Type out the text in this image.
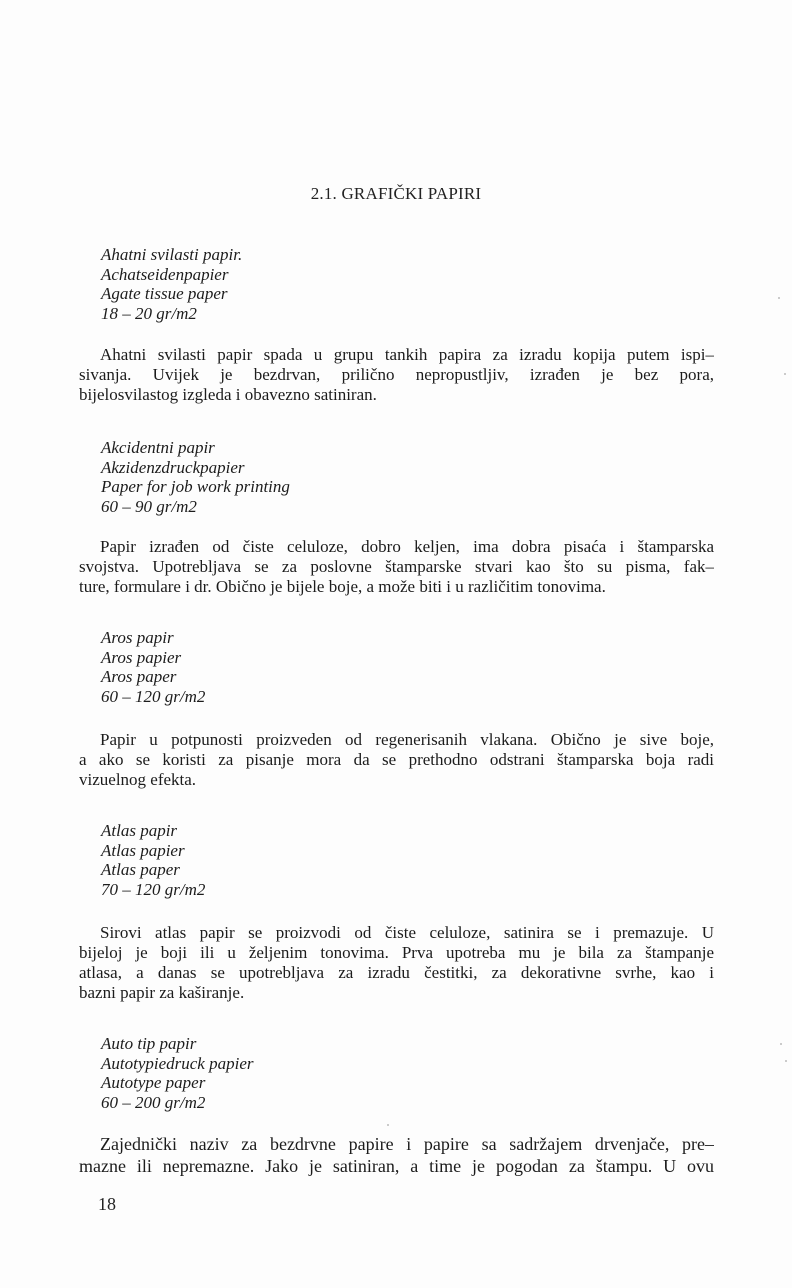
2.1. GRAFIČKI PAPIRI
Ahatni svilasti papir.
Achatseidenpapier
Agate tissue paper
18 – 20 gr/m2
Ahatni svilasti papir spada u grupu tankih papira za izradu kopija putem ispi–
sivanja. Uvijek je bezdrvan, prilično nepropustljiv, izrađen je bez pora,
bijelosvilastog izgleda i obavezno satiniran.
Akcidentni papir
Akzidenzdruckpapier
Paper for job work printing
60 – 90 gr/m2
Papir izrađen od čiste celuloze, dobro keljen, ima dobra pisaća i štamparska
svojstva. Upotrebljava se za poslovne štamparske stvari kao što su pisma, fak–
ture, formulare i dr. Obično je bijele boje, a može biti i u različitim tonovima.
Aros papir
Aros papier
Aros paper
60 – 120 gr/m2
Papir u potpunosti proizveden od regenerisanih vlakana. Obično je sive boje,
a ako se koristi za pisanje mora da se prethodno odstrani štamparska boja radi
vizuelnog efekta.
Atlas papir
Atlas papier
Atlas paper
70 – 120 gr/m2
Sirovi atlas papir se proizvodi od čiste celuloze, satinira se i premazuje. U
bijeloj je boji ili u željenim tonovima. Prva upotreba mu je bila za štampanje
atlasa, a danas se upotrebljava za izradu čestitki, za dekorativne svrhe, kao i
bazni papir za kaširanje.
Auto tip papir
Autotypiedruck papier
Autotype paper
60 – 200 gr/m2
Zajednički naziv za bezdrvne papire i papire sa sadržajem drvenjače, pre–
mazne ili nepremazne. Jako je satiniran, a time je pogodan za štampu. U ovu
18
